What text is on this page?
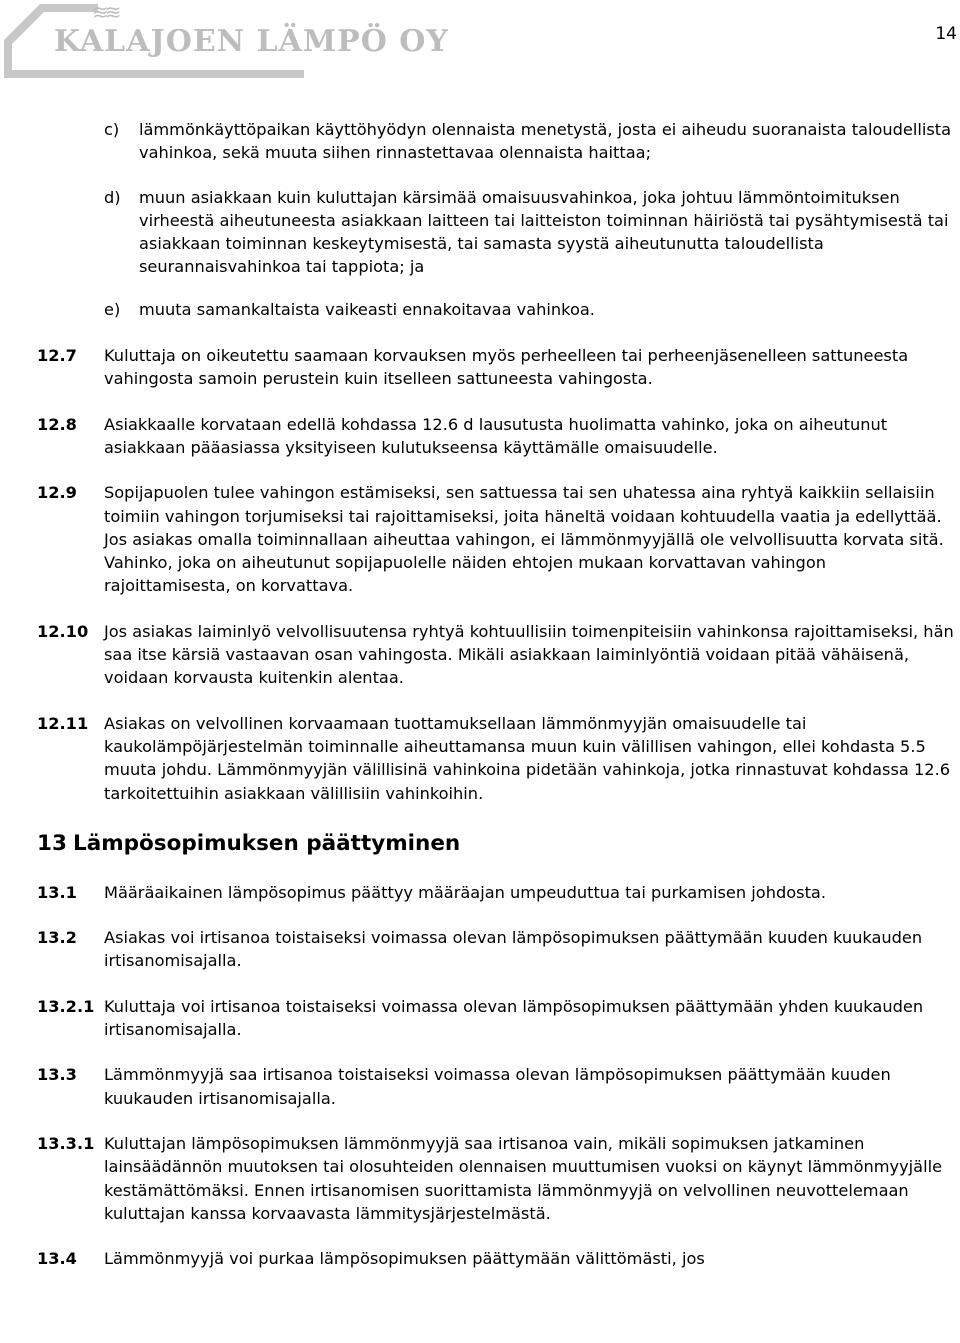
14
≋≋
KALAJOEN LÄMPÖ OY
c) lämmönkäyttöpaikan käyttöhyödyn olennaista menetystä, josta ei aiheudu suoranaista taloudellista vahinkoa, sekä muuta siihen rinnastettavaa olennaista haittaa;
d) muun asiakkaan kuin kuluttajan kärsimää omaisuusvahinkoa, joka johtuu lämmöntoimituksen virheestä aiheutuneesta asiakkaan laitteen tai laitteiston toiminnan häiriöstä tai pysähtymisestä tai asiakkaan toiminnan keskeytymisestä, tai samasta syystä aiheutunutta taloudellista seurannaisvahinkoa tai tappiota; ja
e) muuta samankaltaista vaikeasti ennakoitavaa vahinkoa.
12.7 Kuluttaja on oikeutettu saamaan korvauksen myös perheelleen tai perheenjäsenelleen sattuneesta vahingosta samoin perustein kuin itselleen sattuneesta vahingosta.
12.8 Asiakkaalle korvataan edellä kohdassa 12.6 d lausutusta huolimatta vahinko, joka on aiheutunut asiakkaan pääasiassa yksityiseen kulutukseensa käyttämälle omaisuudelle.
12.9 Sopijapuolen tulee vahingon estämiseksi, sen sattuessa tai sen uhatessa aina ryhtyä kaikkiin sellaisiin toimiin vahingon torjumiseksi tai rajoittamiseksi, joita häneltä voidaan kohtuudella vaatia ja edellyttää. Jos asiakas omalla toiminnallaan aiheuttaa vahingon, ei lämmönmyyjällä ole velvollisuutta korvata sitä. Vahinko, joka on aiheutunut sopijapuolelle näiden ehtojen mukaan korvattavan vahingon rajoittamisesta, on korvattava.
12.10 Jos asiakas laiminlyö velvollisuutensa ryhtyä kohtuullisiin toimenpiteisiin vahinkonsa rajoittamiseksi, hän saa itse kärsiä vastaavan osan vahingosta. Mikäli asiakkaan laiminlyöntiä voidaan pitää vähäisenä, voidaan korvausta kuitenkin alentaa.
12.11 Asiakas on velvollinen korvaamaan tuottamuksellaan lämmönmyyjän omaisuudelle tai kaukolämpöjärjestelmän toiminnalle aiheuttamansa muun kuin välillisen vahingon, ellei kohdasta 5.5 muuta johdu. Lämmönmyyjän välillisinä vahinkoina pidetään vahinkoja, jotka rinnastuvat kohdassa 12.6 tarkoitettuihin asiakkaan välillisiin vahinkoihin.
13 Lämpösopimuksen päättyminen
13.1 Määräaikainen lämpösopimus päättyy määräajan umpeuduttua tai purkamisen johdosta.
13.2 Asiakas voi irtisanoa toistaiseksi voimassa olevan lämpösopimuksen päättymään kuuden kuukauden irtisanomisajalla.
13.2.1 Kuluttaja voi irtisanoa toistaiseksi voimassa olevan lämpösopimuksen päättymään yhden kuukauden irtisanomisajalla.
13.3 Lämmönmyyjä saa irtisanoa toistaiseksi voimassa olevan lämpösopimuksen päättymään kuuden kuukauden irtisanomisajalla.
13.3.1 Kuluttajan lämpösopimuksen lämmönmyyjä saa irtisanoa vain, mikäli sopimuksen jatkaminen lainsäädännön muutoksen tai olosuhteiden olennaisen muuttumisen vuoksi on käynyt lämmönmyyjälle kestämättömäksi. Ennen irtisanomisen suorittamista lämmönmyyjä on velvollinen neuvottelemaan kuluttajan kanssa korvaavasta lämmitysjärjestelmästä.
13.4 Lämmönmyyjä voi purkaa lämpösopimuksen päättymään välittömästi, jos
